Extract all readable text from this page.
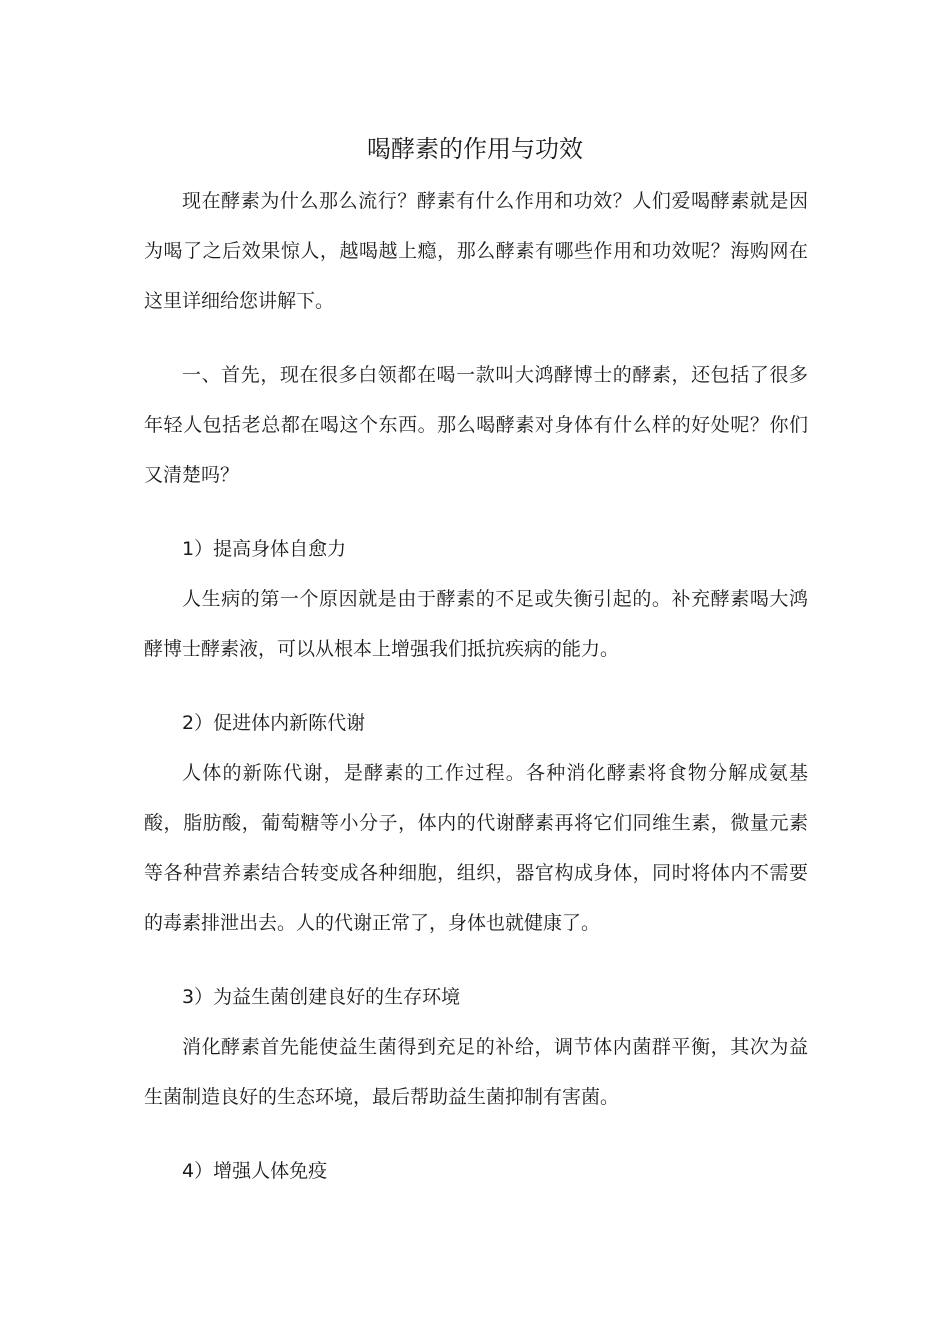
喝酵素的作用与功效

现在酵素为什么那么流行？酵素有什么作用和功效？人们爱喝酵素就是因为喝了之后效果惊人，越喝越上瘾，那么酵素有哪些作用和功效呢？海购网在这里详细给您讲解下。

一、首先，现在很多白领都在喝一款叫大鸿酵博士的酵素，还包括了很多年轻人包括老总都在喝这个东西。那么喝酵素对身体有什么样的好处呢？你们又清楚吗？

1）提高身体自愈力

人生病的第一个原因就是由于酵素的不足或失衡引起的。补充酵素喝大鸿酵博士酵素液，可以从根本上增强我们抵抗疾病的能力。

2）促进体内新陈代谢

人体的新陈代谢，是酵素的工作过程。各种消化酵素将食物分解成氨基酸，脂肪酸，葡萄糖等小分子，体内的代谢酵素再将它们同维生素，微量元素等各种营养素结合转变成各种细胞，组织，器官构成身体，同时将体内不需要的毒素排泄出去。人的代谢正常了，身体也就健康了。

3）为益生菌创建良好的生存环境

消化酵素首先能使益生菌得到充足的补给，调节体内菌群平衡，其次为益生菌制造良好的生态环境，最后帮助益生菌抑制有害菌。

4）增强人体免疫
